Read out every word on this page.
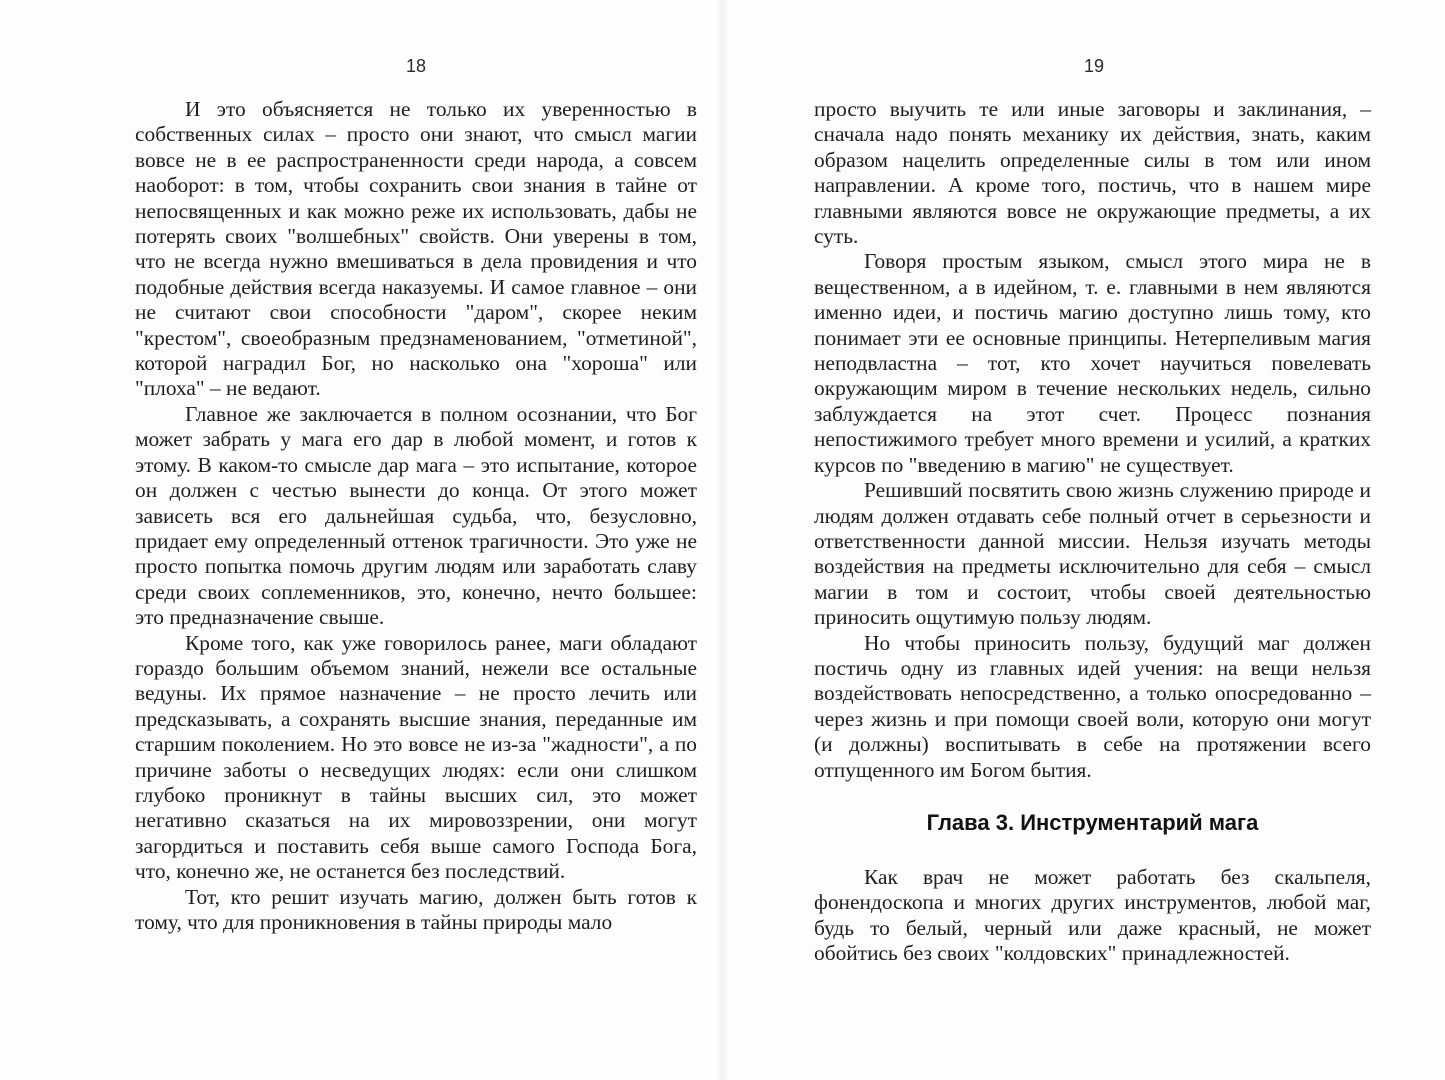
18

И это объясняется не только их уверенностью в собственных силах – просто они знают, что смысл магии вовсе не в ее распространенности среди народа, а совсем наоборот: в том, чтобы сохранить свои знания в тайне от непосвященных и как можно реже их использовать, дабы не потерять своих "волшебных" свойств. Они уверены в том, что не всегда нужно вмешиваться в дела провидения и что подобные действия всегда наказуемы. И самое главное – они не считают свои способности "даром", скорее неким "крестом", своеобразным предзнаменованием, "отметиной", которой наградил Бог, но насколько она "хороша" или "плоха" – не ведают.

Главное же заключается в полном осознании, что Бог может забрать у мага его дар в любой момент, и готов к этому. В каком-то смысле дар мага – это испытание, которое он должен с честью вынести до конца. От этого может зависеть вся его дальнейшая судьба, что, безусловно, придает ему определенный оттенок трагичности. Это уже не просто попытка помочь другим людям или заработать славу среди своих соплеменников, это, конечно, нечто большее: это предназначение свыше.

Кроме того, как уже говорилось ранее, маги обладают гораздо большим объемом знаний, нежели все остальные ведуны. Их прямое назначение – не просто лечить или предсказывать, а сохранять высшие знания, переданные им старшим поколением. Но это вовсе не из-за "жадности", а по причине заботы о несведущих людях: если они слишком глубоко проникнут в тайны высших сил, это может негативно сказаться на их мировоззрении, они могут загордиться и поставить себя выше самого Господа Бога, что, конечно же, не останется без последствий.

Тот, кто решит изучать магию, должен быть готов к тому, что для проникновения в тайны природы мало

19

просто выучить те или иные заговоры и заклинания, – сначала надо понять механику их действия, знать, каким образом нацелить определенные силы в том или ином направлении. А кроме того, постичь, что в нашем мире главными являются вовсе не окружающие предметы, а их суть.

Говоря простым языком, смысл этого мира не в вещественном, а в идейном, т. е. главными в нем являются именно идеи, и постичь магию доступно лишь тому, кто понимает эти ее основные принципы. Нетерпеливым магия неподвластна – тот, кто хочет научиться повелевать окружающим миром в течение нескольких недель, сильно заблуждается на этот счет. Процесс познания непостижимого требует много времени и усилий, а кратких курсов по "введению в магию" не существует.

Решивший посвятить свою жизнь служению природе и людям должен отдавать себе полный отчет в серьезности и ответственности данной миссии. Нельзя изучать методы воздействия на предметы исключительно для себя – смысл магии в том и состоит, чтобы своей деятельностью приносить ощутимую пользу людям.

Но чтобы приносить пользу, будущий маг должен постичь одну из главных идей учения: на вещи нельзя воздействовать непосредственно, а только опосредованно – через жизнь и при помощи своей воли, которую они могут (и должны) воспитывать в себе на протяжении всего отпущенного им Богом бытия.

Глава 3. Инструментарий мага

Как врач не может работать без скальпеля, фонендоскопа и многих других инструментов, любой маг, будь то белый, черный или даже красный, не может обойтись без своих "колдовских" принадлежностей.
